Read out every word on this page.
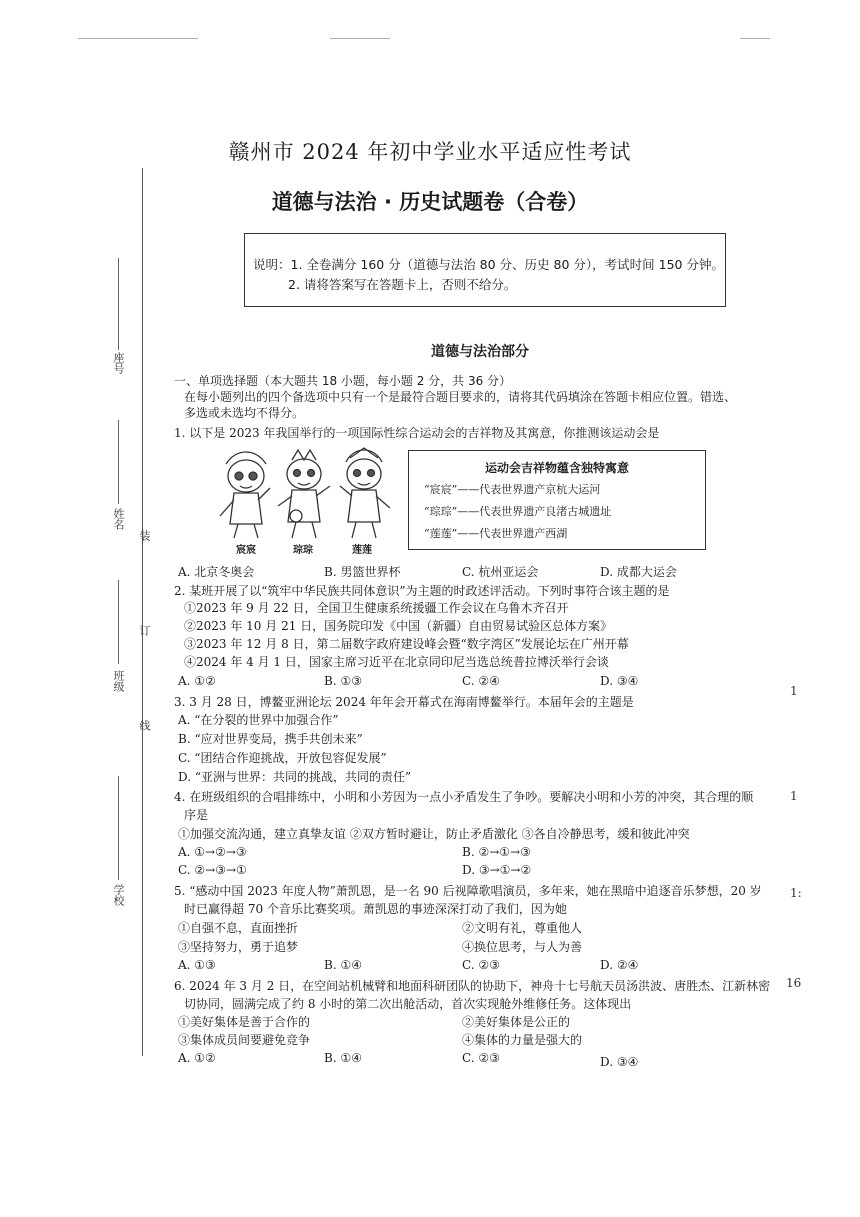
赣州市 2024 年初中学业水平适应性考试
道德与法治 · 历史试题卷（合卷）
说明：1. 全卷满分 160 分（道德与法治 80 分、历史 80 分），考试时间 150 分钟。
2. 请将答案写在答题卡上，否则不给分。
道德与法治部分
座号
姓名
班级
学校
装
订
线
一、单项选择题（本大题共 18 小题，每小题 2 分，共 36 分）
在每小题列出的四个备选项中只有一个是最符合题目要求的，请将其代码填涂在答题卡相应位置。错选、
多选或未选均不得分。
1. 以下是 2023 年我国举行的一项国际性综合运动会的吉祥物及其寓意，你推测该运动会是
宸宸	琮琮	莲莲
运动会吉祥物蕴含独特寓意
“宸宸”——代表世界遗产京杭大运河
“琮琮”——代表世界遗产良渚古城遗址
“莲莲”——代表世界遗产西湖
A. 北京冬奥会	B. 男篮世界杯	C. 杭州亚运会	D. 成都大运会
2. 某班开展了以“筑牢中华民族共同体意识”为主题的时政述评活动。下列时事符合该主题的是
①2023 年 9 月 22 日，全国卫生健康系统援疆工作会议在乌鲁木齐召开
②2023 年 10 月 21 日，国务院印发《中国（新疆）自由贸易试验区总体方案》
③2023 年 12 月 8 日，第二届数字政府建设峰会暨“数字湾区”发展论坛在广州开幕
④2024 年 4 月 1 日，国家主席习近平在北京同印尼当选总统普拉博沃举行会谈
A. ①②	B. ①③	C. ②④	D. ③④
3. 3 月 28 日，博鳌亚洲论坛 2024 年年会开幕式在海南博鳌举行。本届年会的主题是
A. “在分裂的世界中加强合作”
B. “应对世界变局，携手共创未来”
C. “团结合作迎挑战，开放包容促发展”
D. “亚洲与世界：共同的挑战，共同的责任”
4. 在班级组织的合唱排练中，小明和小芳因为一点小矛盾发生了争吵。要解决小明和小芳的冲突，其合理的顺
序是
①加强交流沟通，建立真挚友谊 ②双方暂时避让，防止矛盾激化 ③各自冷静思考，缓和彼此冲突
A. ①→②→③	B. ②→①→③
C. ②→③→①	D. ③→①→②
5. “感动中国 2023 年度人物”萧凯恩，是一名 90 后视障歌唱演员，多年来，她在黑暗中追逐音乐梦想，20 岁
时已赢得超 70 个音乐比赛奖项。萧凯恩的事迹深深打动了我们，因为她
①自强不息，直面挫折	②文明有礼，尊重他人
③坚持努力，勇于追梦	④换位思考，与人为善
A. ①③	B. ①④	C. ②③	D. ②④
6. 2024 年 3 月 2 日，在空间站机械臂和地面科研团队的协助下，神舟十七号航天员汤洪波、唐胜杰、江新林密
切协同，圆满完成了约 8 小时的第二次出舱活动，首次实现舱外维修任务。这体现出
①美好集体是善于合作的	②美好集体是公正的
③集体成员间要避免竞争	④集体的力量是强大的
A. ①②	B. ①④	C. ②③	D. ③④
1
1
1:
16
